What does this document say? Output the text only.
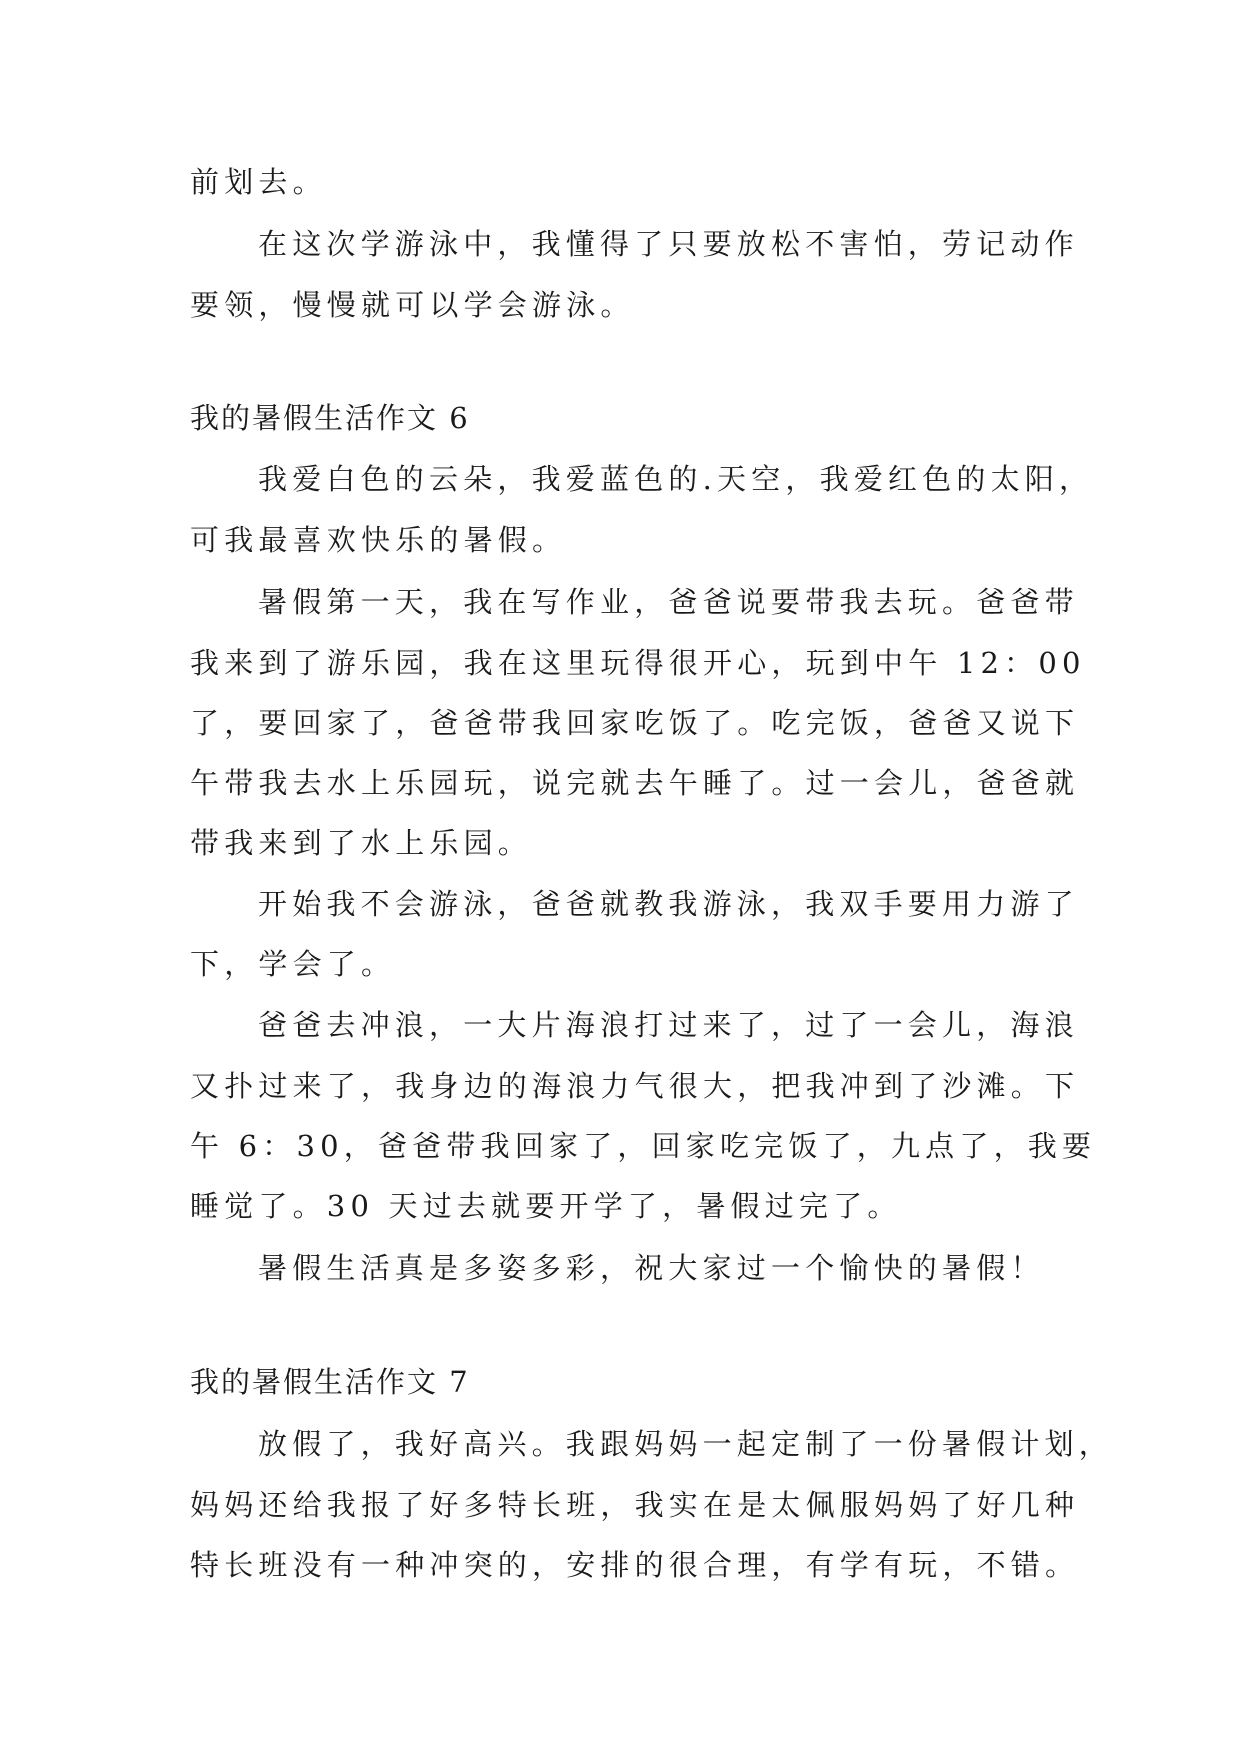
前划去。
在这次学游泳中，我懂得了只要放松不害怕，劳记动作
要领，慢慢就可以学会游泳。
我的暑假生活作文 6
我爱白色的云朵，我爱蓝色的.天空，我爱红色的太阳，
可我最喜欢快乐的暑假。
暑假第一天，我在写作业，爸爸说要带我去玩。爸爸带
我来到了游乐园，我在这里玩得很开心，玩到中午 12：00
了，要回家了，爸爸带我回家吃饭了。吃完饭，爸爸又说下
午带我去水上乐园玩，说完就去午睡了。过一会儿，爸爸就
带我来到了水上乐园。
开始我不会游泳，爸爸就教我游泳，我双手要用力游了
下，学会了。
爸爸去冲浪，一大片海浪打过来了，过了一会儿，海浪
又扑过来了，我身边的海浪力气很大，把我冲到了沙滩。下
午 6：30，爸爸带我回家了，回家吃完饭了，九点了，我要
睡觉了。30 天过去就要开学了，暑假过完了。
暑假生活真是多姿多彩，祝大家过一个愉快的暑假！
我的暑假生活作文 7
放假了，我好高兴。我跟妈妈一起定制了一份暑假计划，
妈妈还给我报了好多特长班，我实在是太佩服妈妈了好几种
特长班没有一种冲突的，安排的很合理，有学有玩，不错。
